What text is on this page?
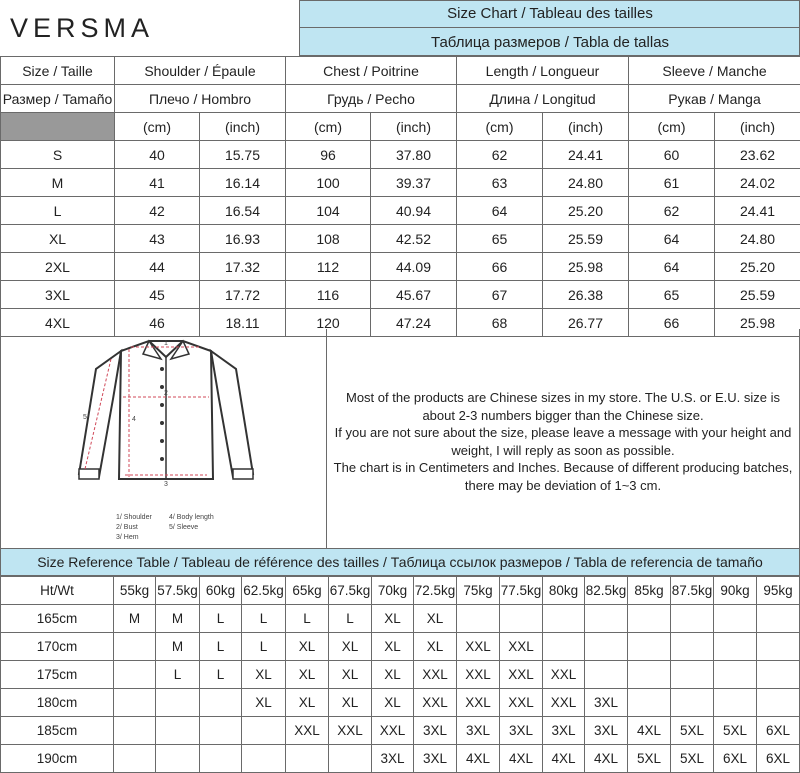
VERSMA	Size Chart / Tableau des tailles
Таблица размеров / Tabla de tallas
Size / Taille	Shoulder / Épaule		Chest / Poitrine		Length / Longueur		Sleeve / Manche	
Размер / Tamaño	Плечо / Hombro		Грудь / Pecho		Длина / Longitud		Рукав / Manga	
	(cm)	(inch)	(cm)	(inch)	(cm)	(inch)	(cm)	(inch)
S	40	15.75	96	37.80	62	24.41	60	23.62
M	41	16.14	100	39.37	63	24.80	61	24.02
L	42	16.54	104	40.94	64	25.20	62	24.41
XL	43	16.93	108	42.52	65	25.59	64	24.80
2XL	44	17.32	112	44.09	66	25.98	64	25.20
3XL	45	17.72	116	45.67	67	26.38	65	25.59
4XL	46	18.11	120	47.24	68	26.77	66	25.98
1
2
3
4
5
1/ Shoulder 4/ Body length
2/ Bust	5/ Sleeve
3/ Hem
Most of the products are Chinese sizes in my store. The U.S. or E.U. size is
about 2-3 numbers bigger than the Chinese size.
If you are not sure about the size, please leave a message with your height and
weight, I will reply as soon as possible.
The chart is in Centimeters and Inches. Because of different producing batches,
there may be deviation of 1~3 cm.
Size Reference Table / Tableau de référence des tailles / Таблица ссылок размеров / Tabla de referencia de tamaño
Ht/Wt	55kg	57.5kg	60kg	62.5kg	65kg	67.5kg	70kg	72.5kg	75kg	77.5kg	80kg	82.5kg	85kg	87.5kg	90kg	95kg
165cm	M	M	L	L	L	L	XL	XL								
170cm		M	L	L	XL	XL	XL	XL	XXL	XXL						
175cm		L	L	XL	XL	XL	XL	XXL	XXL	XXL	XXL					
180cm				XL	XL	XL	XL	XXL	XXL	XXL	XXL	3XL				
185cm					XXL	XXL	XXL	3XL	3XL	3XL	3XL	3XL	4XL	5XL	5XL	6XL
190cm							3XL	3XL	4XL	4XL	4XL	4XL	5XL	5XL	6XL	6XL
